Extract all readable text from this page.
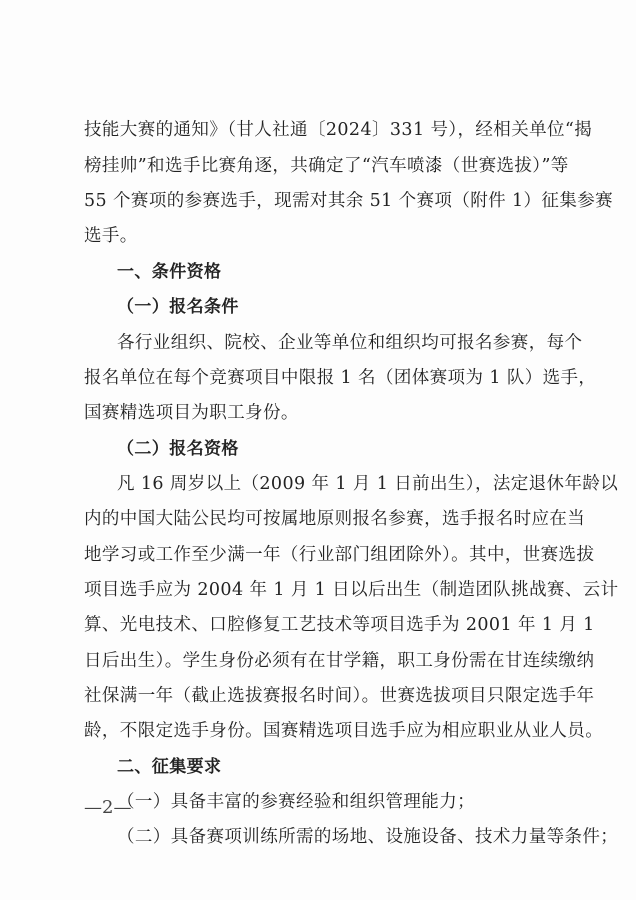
技能大赛的通知》（甘人社通〔2024〕331 号），经相关单位“揭
榜挂帅”和选手比赛角逐，共确定了“汽车喷漆（世赛选拔）”等
55 个赛项的参赛选手，现需对其余 51 个赛项（附件 1）征集参赛
选手。
一、条件资格
（一）报名条件
各行业组织、院校、企业等单位和组织均可报名参赛，每个
报名单位在每个竞赛项目中限报 1 名（团体赛项为 1 队）选手，
国赛精选项目为职工身份。
（二）报名资格
凡 16 周岁以上（2009 年 1 月 1 日前出生），法定退休年龄以
内的中国大陆公民均可按属地原则报名参赛，选手报名时应在当
地学习或工作至少满一年（行业部门组团除外）。其中，世赛选拔
项目选手应为 2004 年 1 月 1 日以后出生（制造团队挑战赛、云计
算、光电技术、口腔修复工艺技术等项目选手为 2001 年 1 月 1
日后出生）。学生身份必须有在甘学籍，职工身份需在甘连续缴纳
社保满一年（截止选拔赛报名时间）。世赛选拔项目只限定选手年
龄，不限定选手身份。国赛精选项目选手应为相应职业从业人员。
二、征集要求
（一）具备丰富的参赛经验和组织管理能力；
（二）具备赛项训练所需的场地、设施设备、技术力量等条件；
—2—
